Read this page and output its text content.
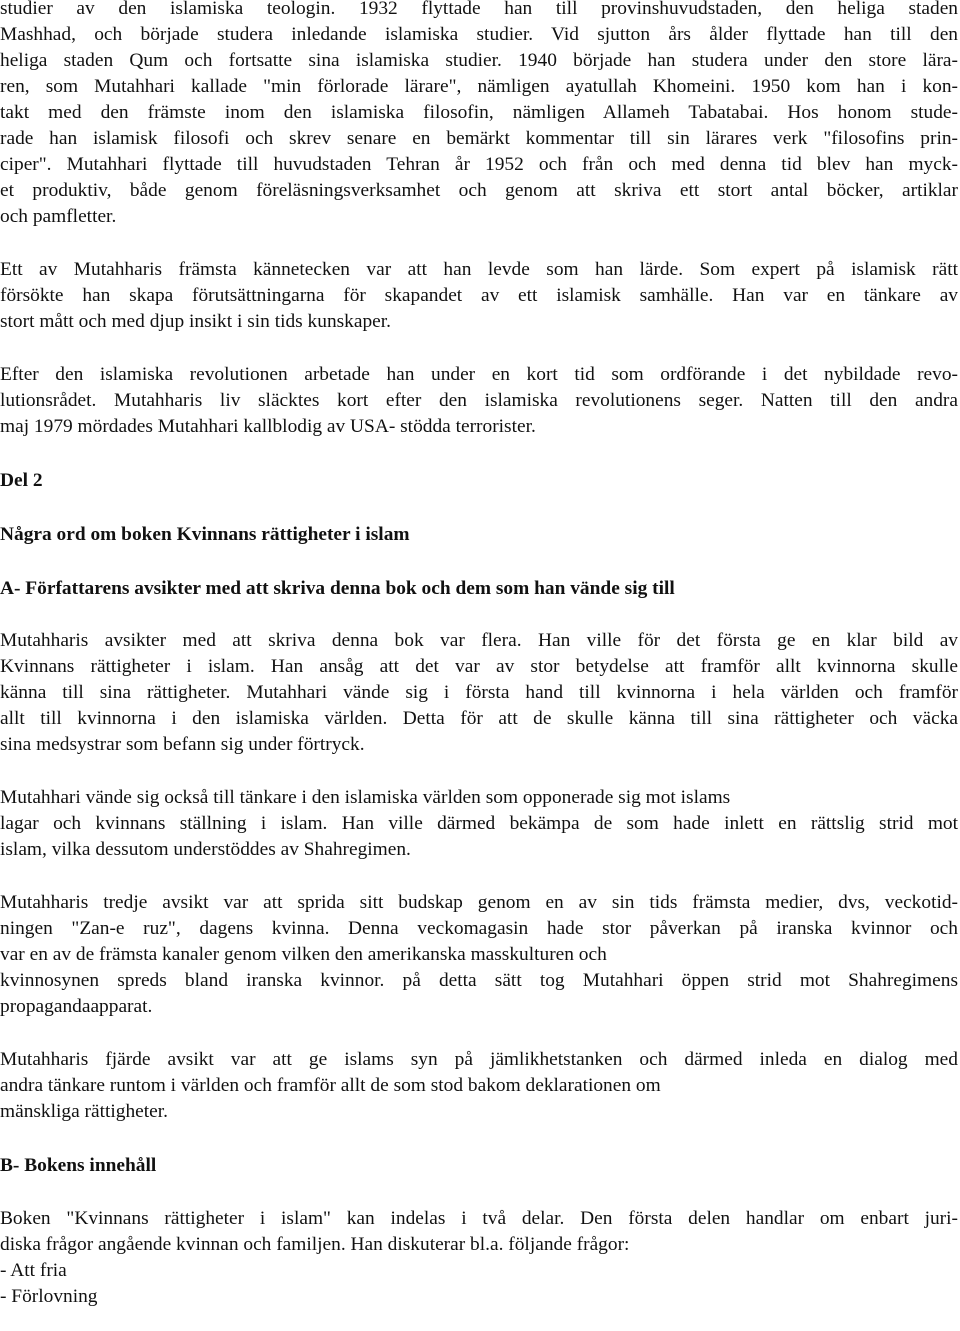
studier av den islamiska teologin. 1932 flyttade han till provinshuvudstaden, den heliga staden
Mashhad, och började studera inledande islamiska studier. Vid sjutton års ålder flyttade han till den
heliga staden Qum och fortsatte sina islamiska studier. 1940 började han studera under den store lära-
ren, som Mutahhari kallade "min förlorade lärare", nämligen ayatullah Khomeini. 1950 kom han i kon-
takt med den främste inom den islamiska filosofin, nämligen Allameh Tabatabai. Hos honom stude-
rade han islamisk filosofi och skrev senare en bemärkt kommentar till sin lärares verk "filosofins prin-
ciper". Mutahhari flyttade till huvudstaden Tehran år 1952 och från och med denna tid blev han myck-
et produktiv, både genom föreläsningsverksamhet och genom att skriva ett stort antal böcker, artiklar
och pamfletter.
Ett av Mutahharis främsta kännetecken var att han levde som han lärde. Som expert på islamisk rätt
försökte han skapa förutsättningarna för skapandet av ett islamisk samhälle. Han var en tänkare av
stort mått och med djup insikt i sin tids kunskaper.
Efter den islamiska revolutionen arbetade han under en kort tid som ordförande i det nybildade revo-
lutionsrådet. Mutahharis liv släcktes kort efter den islamiska revolutionens seger. Natten till den andra
maj 1979 mördades Mutahhari kallblodig av USA- stödda terrorister.
Del 2
Några ord om boken Kvinnans rättigheter i islam
A- Författarens avsikter med att skriva denna bok och dem som han vände sig till
Mutahharis avsikter med att skriva denna bok var flera. Han ville för det första ge en klar bild av
Kvinnans rättigheter i islam. Han ansåg att det var av stor betydelse att framför allt kvinnorna skulle
känna till sina rättigheter. Mutahhari vände sig i första hand till kvinnorna i hela världen och framför
allt till kvinnorna i den islamiska världen. Detta för att de skulle känna till sina rättigheter och väcka
sina medsystrar som befann sig under förtryck.
Mutahhari vände sig också till tänkare i den islamiska världen som opponerade sig mot islams
lagar och kvinnans ställning i islam. Han ville därmed bekämpa de som hade inlett en rättslig strid mot
islam, vilka dessutom understöddes av Shahregimen.
Mutahharis tredje avsikt var att sprida sitt budskap genom en av sin tids främsta medier, dvs, veckotid-
ningen "Zan-e ruz", dagens kvinna. Denna veckomagasin hade stor påverkan på iranska kvinnor och
var en av de främsta kanaler genom vilken den amerikanska masskulturen och
kvinnosynen spreds bland iranska kvinnor. på detta sätt tog Mutahhari öppen strid mot Shahregimens
propagandaapparat.
Mutahharis fjärde avsikt var att ge islams syn på jämlikhetstanken och därmed inleda en dialog med
andra tänkare runtom i världen och framför allt de som stod bakom deklarationen om
mänskliga rättigheter.
B- Bokens innehåll
Boken "Kvinnans rättigheter i islam" kan indelas i två delar. Den första delen handlar om enbart juri-
diska frågor angående kvinnan och familjen. Han diskuterar bl.a. följande frågor:
- Att fria
- Förlovning
